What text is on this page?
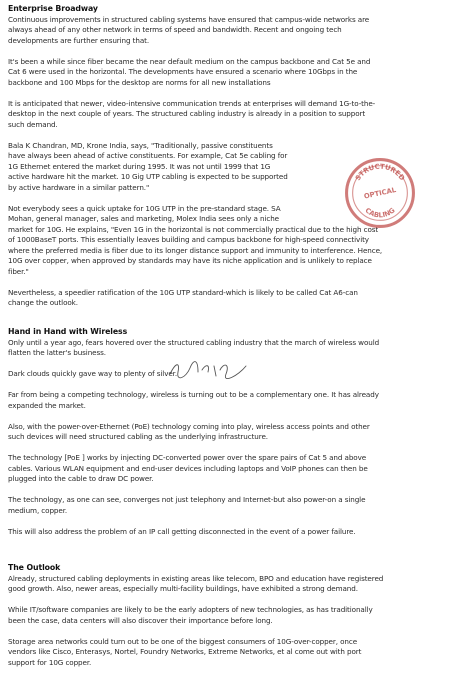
Enterprise Broadway
Continuous improvements in structured cabling systems have ensured that campus-wide networks are
always ahead of any other network in terms of speed and bandwidth. Recent and ongoing tech
developments are further ensuring that.
It's been a while since fiber became the near default medium on the campus backbone and Cat 5e and
Cat 6 were used in the horizontal. The developments have ensured a scenario where 10Gbps in the
backbone and 100 Mbps for the desktop are norms for all new installations
It is anticipated that newer, video-intensive communication trends at enterprises will demand 1G-to-the-
desktop in the next couple of years. The structured cabling industry is already in a position to support
such demand.
Bala K Chandran, MD, Krone India, says, "Traditionally, passive constituents
have always been ahead of active constituents. For example, Cat 5e cabling for
1G Ethernet entered the market during 1995. It was not until 1999 that 1G
active hardware hit the market. 10 Gig UTP cabling is expected to be supported
by active hardware in a similar pattern."
Not everybody sees a quick uptake for 10G UTP in the pre-standard stage. SA
Mohan, general manager, sales and marketing, Molex India sees only a niche
market for 10G. He explains, "Even 1G in the horizontal is not commercially practical due to the high cost
of 1000BaseT ports. This essentially leaves building and campus backbone for high-speed connectivity
where the preferred media is fiber due to its longer distance support and immunity to interference. Hence,
10G over copper, when approved by standards may have its niche application and is unlikely to replace
fiber."
Nevertheless, a speedier ratification of the 10G UTP standard-which is likely to be called Cat A6-can
change the outlook.
Hand in Hand with Wireless
Only until a year ago, fears hovered over the structured cabling industry that the march of wireless would
flatten the latter's business.
Dark clouds quickly gave way to plenty of silver.
Far from being a competing technology, wireless is turning out to be a complementary one. It has already
expanded the market.
Also, with the power-over-Ethernet (PoE) technology coming into play, wireless access points and other
such devices will need structured cabling as the underlying infrastructure.
The technology [PoE ] works by injecting DC-converted power over the spare pairs of Cat 5 and above
cables. Various WLAN equipment and end-user devices including laptops and VoIP phones can then be
plugged into the cable to draw DC power.
The technology, as one can see, converges not just telephony and Internet-but also power-on a single
medium, copper.
This will also address the problem of an IP call getting disconnected in the event of a power failure.
The Outlook
Already, structured cabling deployments in existing areas like telecom, BPO and education have registered
good growth. Also, newer areas, especially multi-facility buildings, have exhibited a strong demand.
While IT/software companies are likely to be the early adopters of new technologies, as has traditionally
been the case, data centers will also discover their importance before long.
Storage area networks could turn out to be one of the biggest consumers of 10G-over-copper, once
vendors like Cisco, Enterasys, Nortel, Foundry Networks, Extreme Networks, et al come out with port
support for 10G copper.
STRUCTURED
OPTICAL
CABLING
